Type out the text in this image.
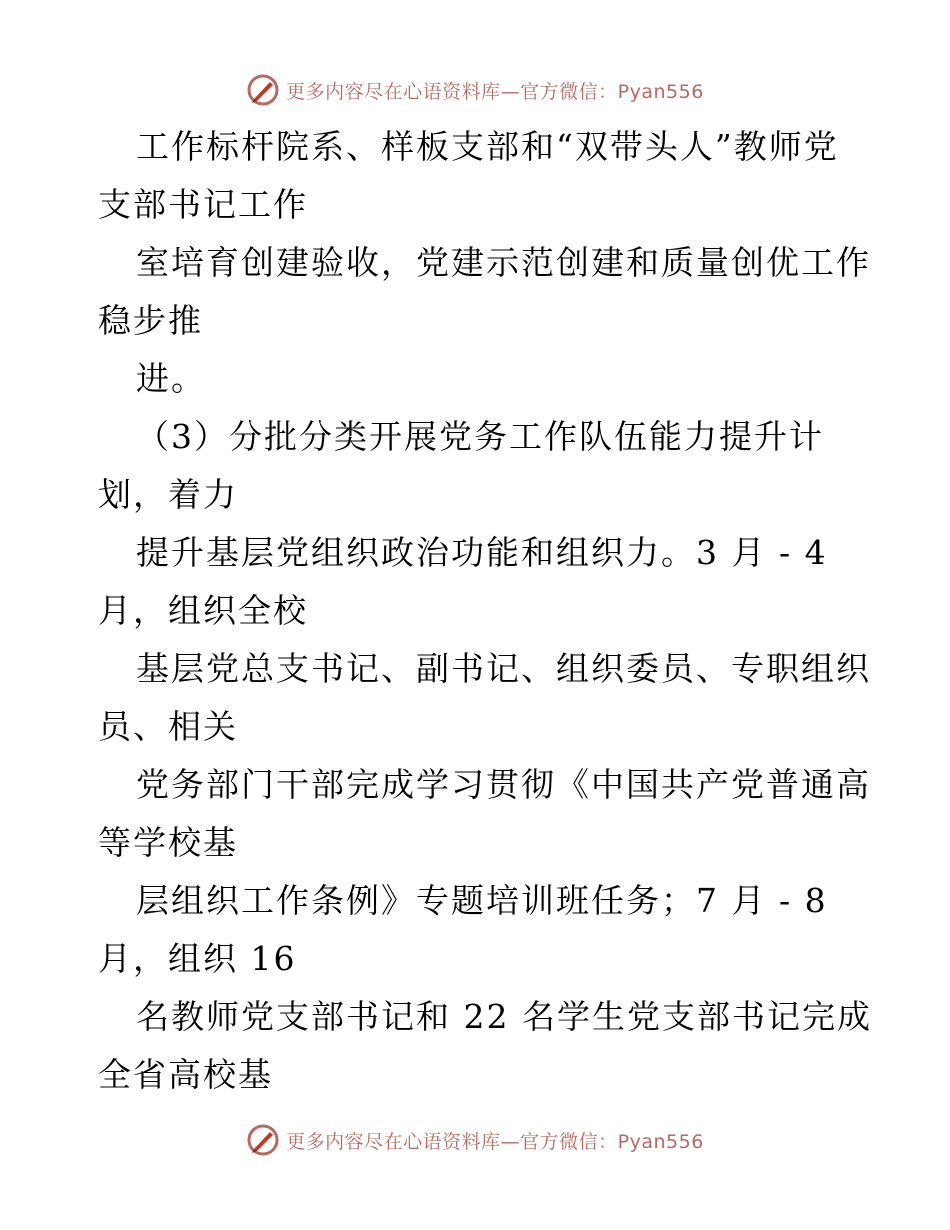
更多内容尽在心语资料库—官方微信：Pyan556
工作标杆院系、样板支部和“双带头人”教师党
支部书记工作
室培育创建验收，党建示范创建和质量创优工作
稳步推
进。
（3）分批分类开展党务工作队伍能力提升计
划，着力
提升基层党组织政治功能和组织力。3 月 - 4
月，组织全校
基层党总支书记、副书记、组织委员、专职组织
员、相关
党务部门干部完成学习贯彻《中国共产党普通高
等学校基
层组织工作条例》专题培训班任务；7 月 - 8
月，组织 16
名教师党支部书记和 22 名学生党支部书记完成
全省高校基
更多内容尽在心语资料库—官方微信：Pyan556
